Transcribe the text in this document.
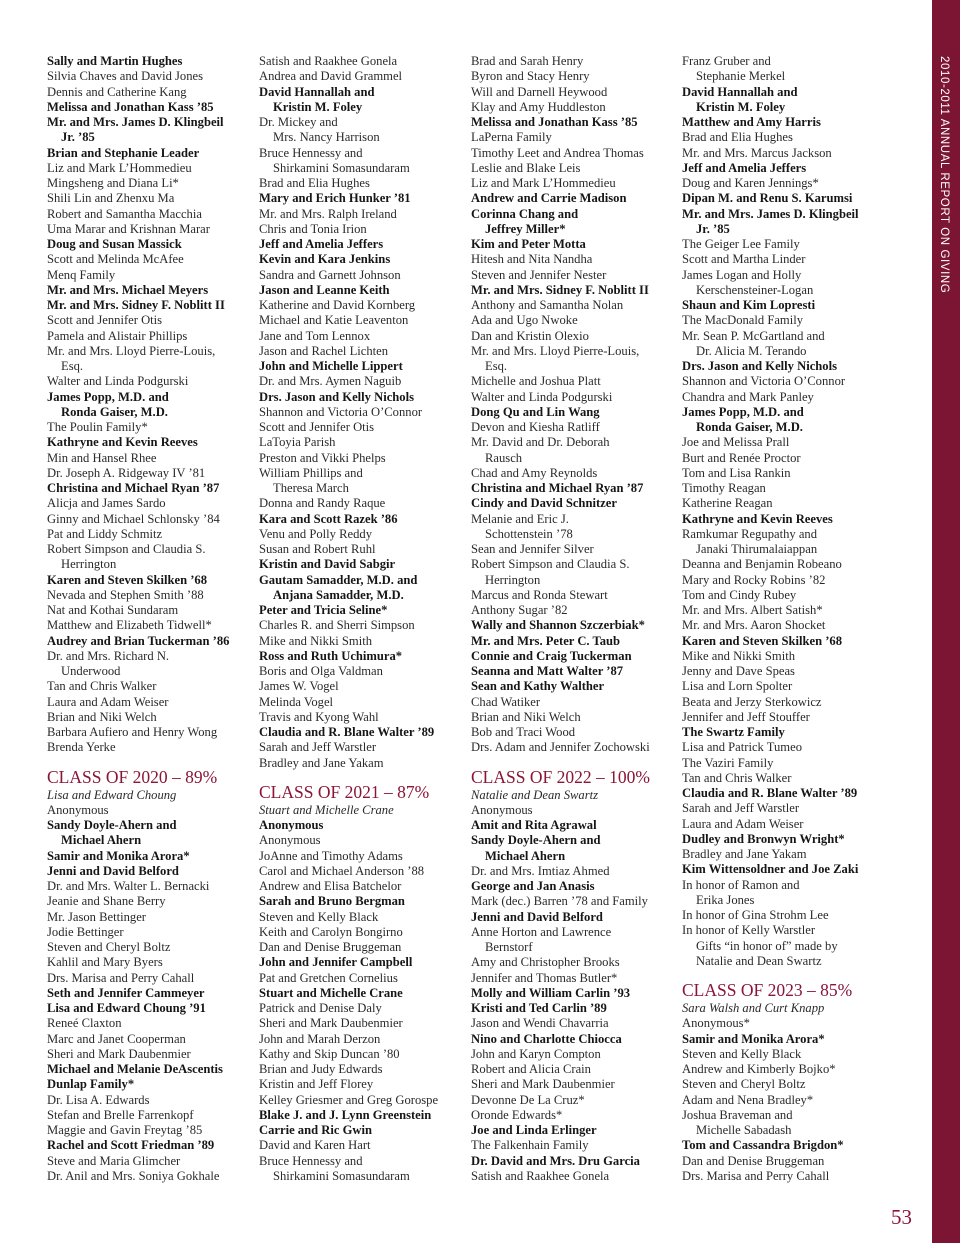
Sally and Martin Hughes
Silvia Chaves and David Jones
Dennis and Catherine Kang
Melissa and Jonathan Kass ’85
Mr. and Mrs. James D. Klingbeil
Jr. ’85
Brian and Stephanie Leader
Liz and Mark L’Hommedieu
Mingsheng and Diana Li*
Shili Lin and Zhenxu Ma
Robert and Samantha Macchia
Uma Marar and Krishnan Marar
Doug and Susan Massick
Scott and Melinda McAfee
Menq Family
Mr. and Mrs. Michael Meyers
Mr. and Mrs. Sidney F. Noblitt II
Scott and Jennifer Otis
Pamela and Alistair Phillips
Mr. and Mrs. Lloyd Pierre-Louis,
Esq.
Walter and Linda Podgurski
James Popp, M.D. and
Ronda Gaiser, M.D.
The Poulin Family*
Kathryne and Kevin Reeves
Min and Hansel Rhee
Dr. Joseph A. Ridgeway IV ’81
Christina and Michael Ryan ’87
Alicja and James Sardo
Ginny and Michael Schlonsky ’84
Pat and Liddy Schmitz
Robert Simpson and Claudia S.
Herrington
Karen and Steven Skilken ’68
Nevada and Stephen Smith ’88
Nat and Kothai Sundaram
Matthew and Elizabeth Tidwell*
Audrey and Brian Tuckerman ’86
Dr. and Mrs. Richard N.
Underwood
Tan and Chris Walker
Laura and Adam Weiser
Brian and Niki Welch
Barbara Aufiero and Henry Wong
Brenda Yerke
CLASS OF 2020 – 89%
Lisa and Edward Choung
Anonymous
Sandy Doyle-Ahern and
Michael Ahern
Samir and Monika Arora*
Jenni and David Belford
Dr. and Mrs. Walter L. Bernacki
Jeanie and Shane Berry
Mr. Jason Bettinger
Jodie Bettinger
Steven and Cheryl Boltz
Kahlil and Mary Byers
Drs. Marisa and Perry Cahall
Seth and Jennifer Cammeyer
Lisa and Edward Choung ’91
Reneé Claxton
Marc and Janet Cooperman
Sheri and Mark Daubenmier
Michael and Melanie DeAscentis
Dunlap Family*
Dr. Lisa A. Edwards
Stefan and Brelle Farrenkopf
Maggie and Gavin Freytag ’85
Rachel and Scott Friedman ’89
Steve and Maria Glimcher
Dr. Anil and Mrs. Soniya Gokhale
Satish and Raakhee Gonela
Andrea and David Grammel
David Hannallah and
Kristin M. Foley
Dr. Mickey and
Mrs. Nancy Harrison
Bruce Hennessy and
Shirkamini Somasundaram
Brad and Elia Hughes
Mary and Erich Hunker ’81
Mr. and Mrs. Ralph Ireland
Chris and Tonia Irion
Jeff and Amelia Jeffers
Kevin and Kara Jenkins
Sandra and Garnett Johnson
Jason and Leanne Keith
Katherine and David Kornberg
Michael and Katie Leaventon
Jane and Tom Lennox
Jason and Rachel Lichten
John and Michelle Lippert
Dr. and Mrs. Aymen Naguib
Drs. Jason and Kelly Nichols
Shannon and Victoria O’Connor
Scott and Jennifer Otis
LaToyia Parish
Preston and Vikki Phelps
William Phillips and
Theresa March
Donna and Randy Raque
Kara and Scott Razek ’86
Venu and Polly Reddy
Susan and Robert Ruhl
Kristin and David Sabgir
Gautam Samadder, M.D. and
Anjana Samadder, M.D.
Peter and Tricia Seline*
Charles R. and Sherri Simpson
Mike and Nikki Smith
Ross and Ruth Uchimura*
Boris and Olga Valdman
James W. Vogel
Melinda Vogel
Travis and Kyong Wahl
Claudia and R. Blane Walter ’89
Sarah and Jeff Warstler
Bradley and Jane Yakam
CLASS OF 2021 – 87%
Stuart and Michelle Crane
Anonymous
Anonymous
JoAnne and Timothy Adams
Carol and Michael Anderson ’88
Andrew and Elisa Batchelor
Sarah and Bruno Bergman
Steven and Kelly Black
Keith and Carolyn Bongirno
Dan and Denise Bruggeman
John and Jennifer Campbell
Pat and Gretchen Cornelius
Stuart and Michelle Crane
Patrick and Denise Daly
Sheri and Mark Daubenmier
John and Marah Derzon
Kathy and Skip Duncan ’80
Brian and Judy Edwards
Kristin and Jeff Florey
Kelley Griesmer and Greg Gorospe
Blake J. and J. Lynn Greenstein
Carrie and Ric Gwin
David and Karen Hart
Bruce Hennessy and
Shirkamini Somasundaram
Brad and Sarah Henry
Byron and Stacy Henry
Will and Darnell Heywood
Klay and Amy Huddleston
Melissa and Jonathan Kass ’85
LaPerna Family
Timothy Leet and Andrea Thomas
Leslie and Blake Leis
Liz and Mark L’Hommedieu
Andrew and Carrie Madison
Corinna Chang and
Jeffrey Miller*
Kim and Peter Motta
Hitesh and Nita Nandha
Steven and Jennifer Nester
Mr. and Mrs. Sidney F. Noblitt II
Anthony and Samantha Nolan
Ada and Ugo Nwoke
Dan and Kristin Olexio
Mr. and Mrs. Lloyd Pierre-Louis,
Esq.
Michelle and Joshua Platt
Walter and Linda Podgurski
Dong Qu and Lin Wang
Devon and Kiesha Ratliff
Mr. David and Dr. Deborah
Rausch
Chad and Amy Reynolds
Christina and Michael Ryan ’87
Cindy and David Schnitzer
Melanie and Eric J.
Schottenstein ’78
Sean and Jennifer Silver
Robert Simpson and Claudia S.
Herrington
Marcus and Ronda Stewart
Anthony Sugar ’82
Wally and Shannon Szczerbiak*
Mr. and Mrs. Peter C. Taub
Connie and Craig Tuckerman
Seanna and Matt Walter ’87
Sean and Kathy Walther
Chad Watiker
Brian and Niki Welch
Bob and Traci Wood
Drs. Adam and Jennifer Zochowski
CLASS OF 2022 – 100%
Natalie and Dean Swartz
Anonymous
Amit and Rita Agrawal
Sandy Doyle-Ahern and
Michael Ahern
Dr. and Mrs. Imtiaz Ahmed
George and Jan Anasis
Mark (dec.) Barren ’78 and Family
Jenni and David Belford
Anne Horton and Lawrence
Bernstorf
Amy and Christopher Brooks
Jennifer and Thomas Butler*
Molly and William Carlin ’93
Kristi and Ted Carlin ’89
Jason and Wendi Chavarria
Nino and Charlotte Chiocca
John and Karyn Compton
Robert and Alicia Crain
Sheri and Mark Daubenmier
Devonne De La Cruz*
Oronde Edwards*
Joe and Linda Erlinger
The Falkenhain Family
Dr. David and Mrs. Dru Garcia
Satish and Raakhee Gonela
Franz Gruber and
Stephanie Merkel
David Hannallah and
Kristin M. Foley
Matthew and Amy Harris
Brad and Elia Hughes
Mr. and Mrs. Marcus Jackson
Jeff and Amelia Jeffers
Doug and Karen Jennings*
Dipan M. and Renu S. Karumsi
Mr. and Mrs. James D. Klingbeil
Jr. ’85
The Geiger Lee Family
Scott and Martha Linder
James Logan and Holly
Kerschensteiner-Logan
Shaun and Kim Lopresti
The MacDonald Family
Mr. Sean P. McGartland and
Dr. Alicia M. Terando
Drs. Jason and Kelly Nichols
Shannon and Victoria O’Connor
Chandra and Mark Panley
James Popp, M.D. and
Ronda Gaiser, M.D.
Joe and Melissa Prall
Burt and Renée Proctor
Tom and Lisa Rankin
Timothy Reagan
Katherine Reagan
Kathryne and Kevin Reeves
Ramkumar Regupathy and
Janaki Thirumalaiappan
Deanna and Benjamin Robeano
Mary and Rocky Robins ’82
Tom and Cindy Rubey
Mr. and Mrs. Albert Satish*
Mr. and Mrs. Aaron Shocket
Karen and Steven Skilken ’68
Mike and Nikki Smith
Jenny and Dave Speas
Lisa and Lorn Spolter
Beata and Jerzy Sterkowicz
Jennifer and Jeff Stouffer
The Swartz Family
Lisa and Patrick Tumeo
The Vaziri Family
Tan and Chris Walker
Claudia and R. Blane Walter ’89
Sarah and Jeff Warstler
Laura and Adam Weiser
Dudley and Bronwyn Wright*
Bradley and Jane Yakam
Kim Wittensoldner and Joe Zaki
In honor of Ramon and
Erika Jones
In honor of Gina Strohm Lee
In honor of Kelly Warstler
Gifts “in honor of” made by
Natalie and Dean Swartz
CLASS OF 2023 – 85%
Sara Walsh and Curt Knapp
Anonymous*
Samir and Monika Arora*
Steven and Kelly Black
Andrew and Kimberly Bojko*
Steven and Cheryl Boltz
Adam and Nena Bradley*
Joshua Braveman and
Michelle Sabadash
Tom and Cassandra Brigdon*
Dan and Denise Bruggeman
Drs. Marisa and Perry Cahall
2010-2011 ANNUAL REPORT ON GIVING
53
